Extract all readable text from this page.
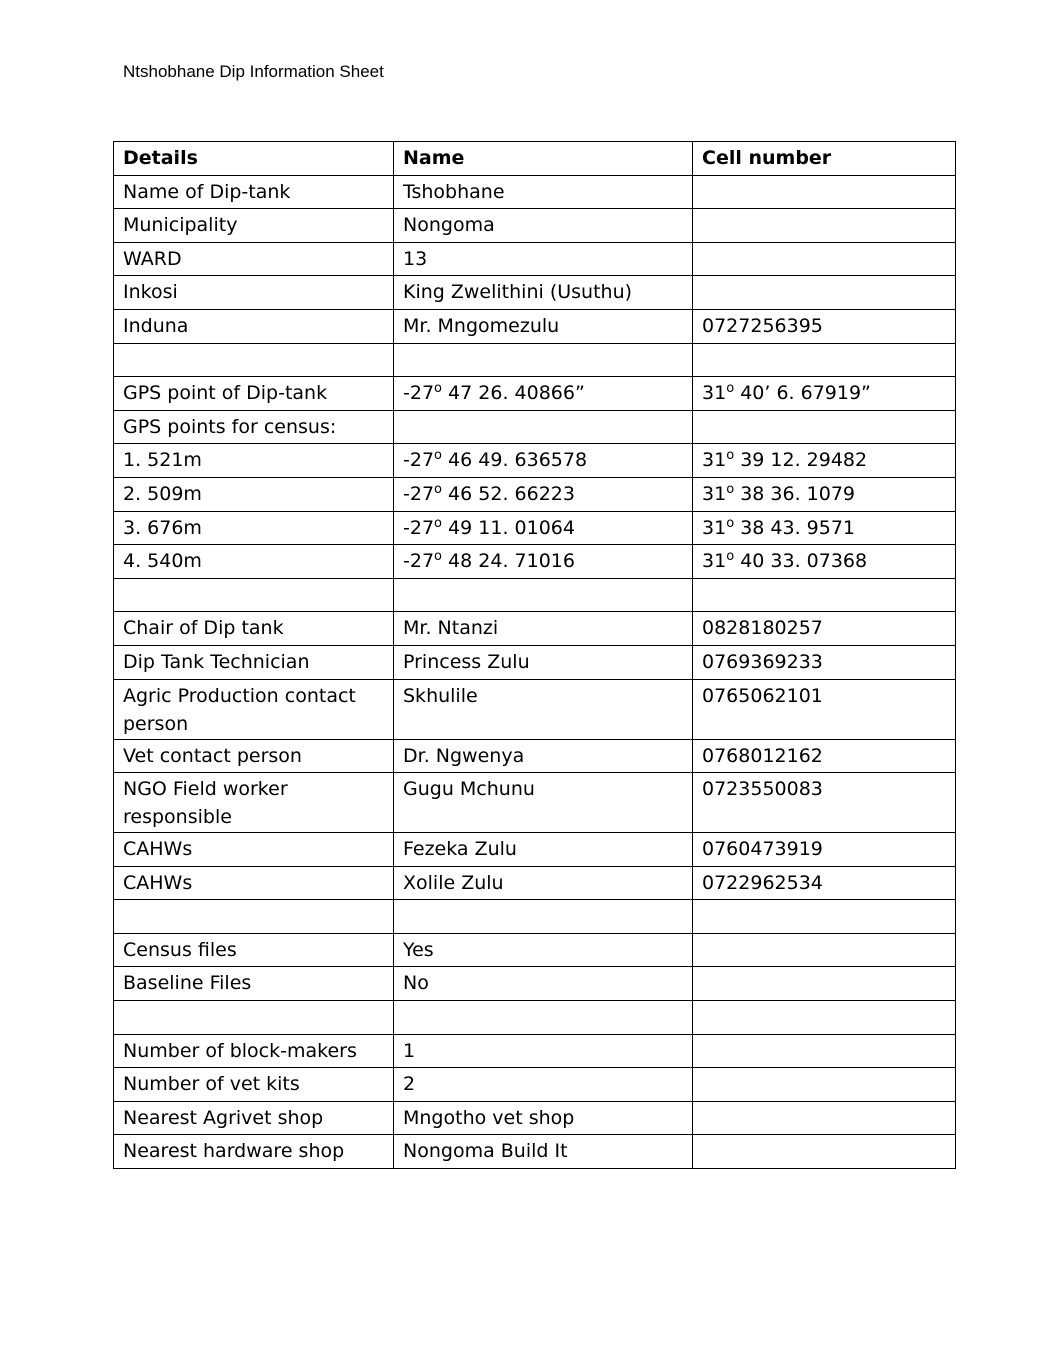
Ntshobhane Dip Information Sheet
Details	Name	Cell number
Name of Dip-tank	Tshobhane	
Municipality	Nongoma	
WARD	13	
Inkosi	King Zwelithini (Usuthu)	
Induna	Mr. Mngomezulu	0727256395

GPS point of Dip-tank	-27$^o$ 47 26. 40866”	31$^o$ 40’ 6. 67919”
GPS points for census:		
1. 521m	-27$^o$ 46 49. 636578	31$^o$ 39 12. 29482
2. 509m	-27$^o$ 46 52. 66223	31$^o$ 38 36. 1079
3. 676m	-27$^o$ 49 11. 01064	31$^o$ 38 43. 9571
4. 540m	-27$^o$ 48 24. 71016	31$^o$ 40 33. 07368

Chair of Dip tank	Mr. Ntanzi	0828180257
Dip Tank Technician	Princess Zulu	0769369233
Agric Production contact person	Skhulile	0765062101
Vet contact person	Dr. Ngwenya	0768012162
NGO Field worker responsible	Gugu Mchunu	0723550083
CAHWs	Fezeka Zulu	0760473919
CAHWs	Xolile Zulu	0722962534

Census files	Yes	
Baseline Files	No	

Number of block-makers	1	
Number of vet kits	2	
Nearest Agrivet shop	Mngotho vet shop	
Nearest hardware shop	Nongoma Build It	
